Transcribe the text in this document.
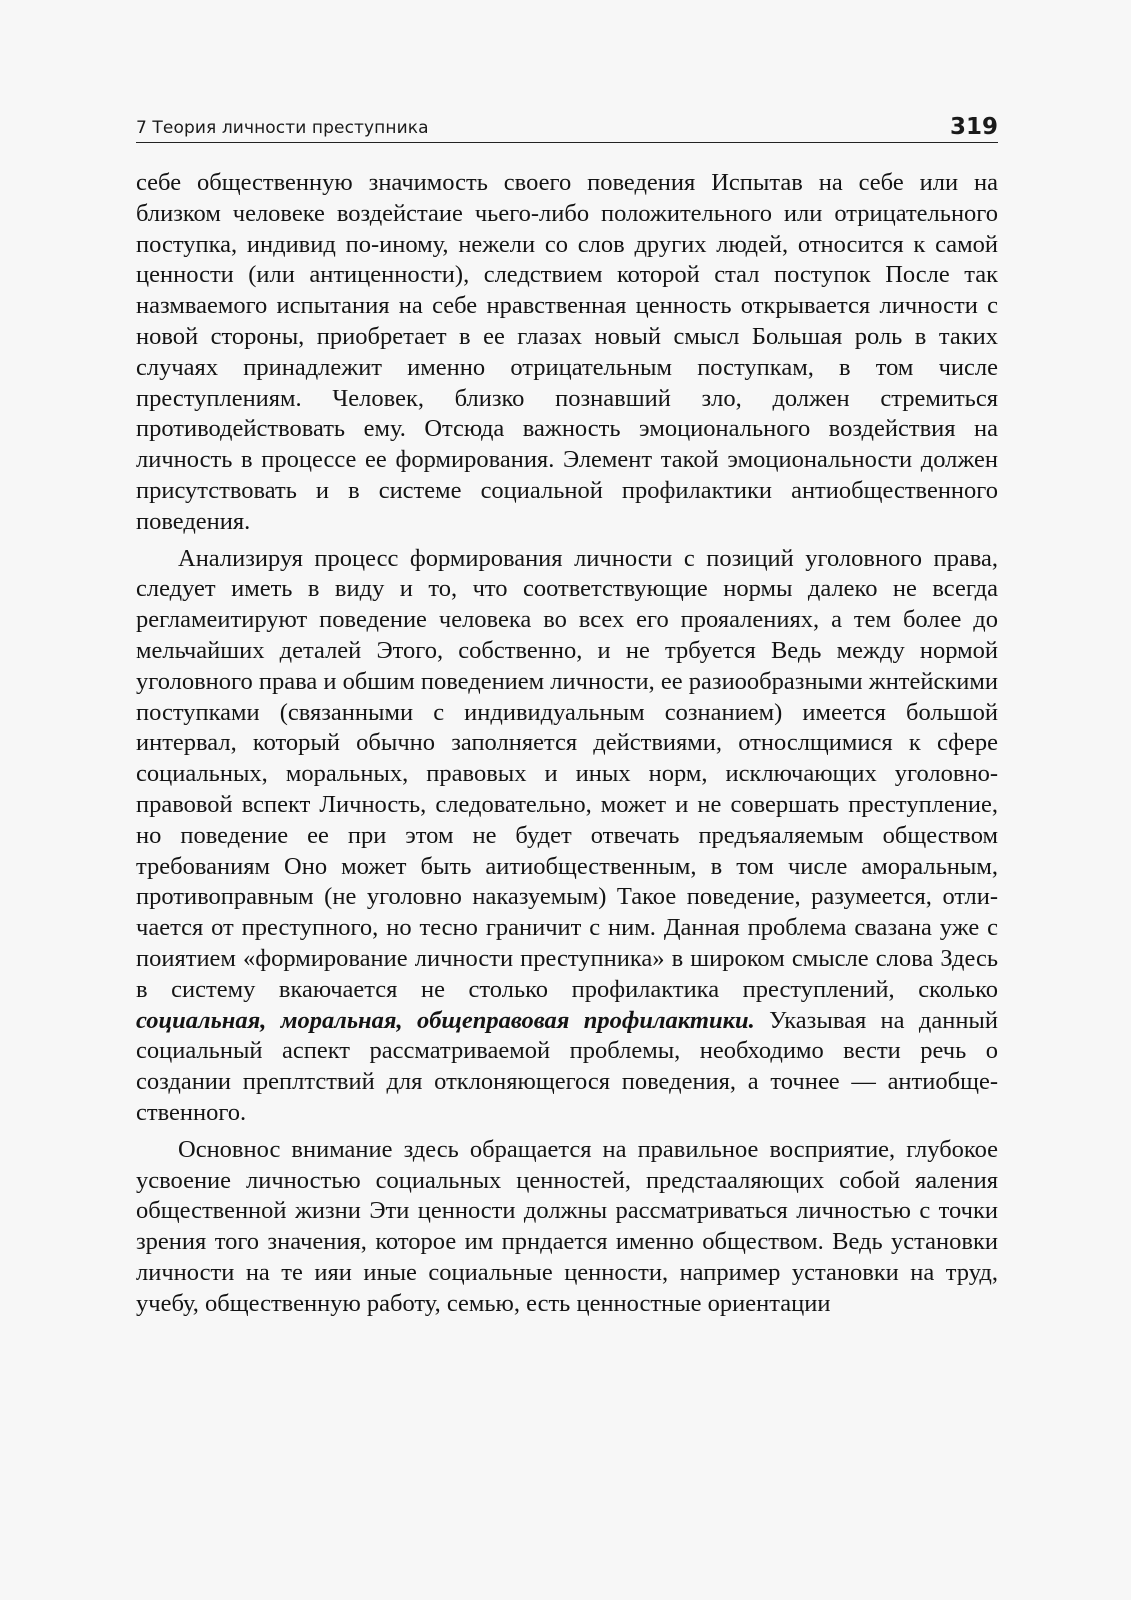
7 Теория личности преступника	319

себе общественную значимость своего поведения Испытав на себе или на близком человеке воздейстаие чьего-либо положительного или отрицательного поступка, индивид по-иному, нежели со слов других людей, относится к самой ценности (или антиценности), следствием которой стал поступок После так назмваемого испытания на себе нравственная ценность открывается личности с новой стороны, приобретает в ее глазах новый смысл Большая роль в таких случаях принадлежит именно отрицательным поступкам, в том числе преступлениям. Человек, близко познавший зло, должен стремиться противодействовать ему. Отсюда важность эмоционального воздействия на личность в процессе ее формирования. Элемент такой эмоциональности должен присутствовать и в системе социальной профилактики антиобщественного поведения.

Анализируя процесс формирования личности с позиций уголовного права, следует иметь в виду и то, что соответствующие нормы далеко не всегда регламеитируют поведение человека во всех его прояалениях, а тем более до мельчайших деталей Этого, собственно, и не трбуется Ведь между нормой уголовного права и обшим поведением личности, ее разиообразными жнтейскими поступками (связанными с индивидуальным сознанием) имеется большой интервал, который обычно заполняется действиями, относлщимися к сфере социальных, моральных, правовых и иных норм, исключающих уголовно-правовой вспект Личность, следовательно, может и не совершать преступление, но поведение ее при этом не будет отвечать предъяаляемым обществом требованиям Оно может быть аитиобщественным, в том числе аморальным, противоправным (не уголовно наказуемым) Такое поведение, разумеется, отличается от преступного, но тесно граничит с ним. Данная проблема свазана уже с поиятием «формирование личности преступника» в широком смысле слова Здесь в систему вкаючается не столько профилактика преступлений, сколько социальная, моральная, общеправовая профилактики. Указывая на данный социальный аспект рассматриваемой проблемы, необходимо вести речь о создании преплтствий для отклоняющегося поведения, а точнее — антиобщественного.

Основнос внимание здесь обращается на правильное восприятие, глубокое усвоение личностью социальных ценностей, предстааляющих собой яаления общественной жизни Эти ценности должны рассматриваться личностью с точки зрения того значения, которое им прндается именно обществом. Ведь установки личности на те ияи иные социальные ценности, например установки на труд, учебу, общественную работу, семью, есть ценностные ориентации
